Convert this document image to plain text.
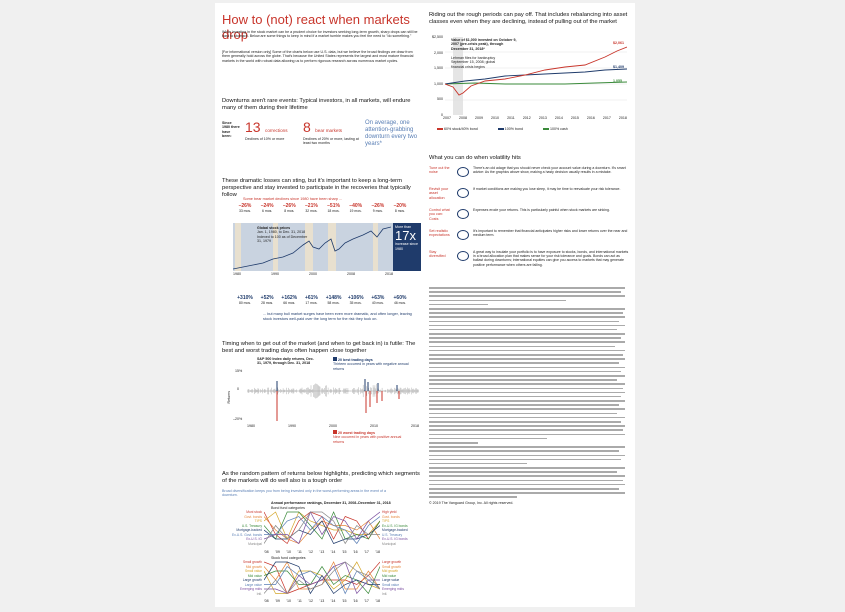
How to (not) react when markets drop
While investing in the stock market can be a prudent choice for investors seeking long-term growth, sharp drops can still be hard to stomach. Below are some things to keep in mind if a market tumble makes you feel the need to "do something."
[For informational version only] Some of the charts below use U.S. data, but we believe the broad findings we draw from them generally hold across the globe. That's because the United States represents the largest and most mature financial markets in the world with robust data allowing us to perform rigorous research across numerous market cycles.
Downturns aren't rare events: Typical investors, in all markets, will endure many of them during their lifetime
Since 1980 there have been:
13 corrections
Declines of 10% or more
8 bear markets
Declines of 20% or more, lasting at least two months
On average, one attention-grabbing downturn every two years*
These dramatic losses can sting, but it's important to keep a long-term perspective and stay invested to participate in the recoveries that typically follow
Some bear market declines since 1980 have been sharp ...
–26%
33 mos.
–24%
6 mos.
–26%
8 mos.
–21%
32 mos.
–51%
18 mos.
–40%
19 mos.
–26%
9 mos.
–20%
8 mos.
Global stock prices
Jan. 1, 1980, to Dec. 31, 2018 Indexed to 100 as of December 31, 1979
More than
17x
increase since 1980
1980	1990	2000	2008	2018
+310%
80 mos.
+52%
28 mos.
+162%
66 mos.
+61%
17 mos.
+148%
58 mos.
+106%
35 mos.
+63%
40 mos.
+60%
46 mos.
... but many bull market surges have been even more dramatic, and often longer, leaving stock investors well-paid over the long term for the risk they took on.
Timing when to get out of the market (and when to get back in) is futile: The best and worst trading days often happen close together
S&P 500 Index daily returns, Dec. 31, 1979, through Dec. 31, 2018
20 best trading days
Thirteen occurred in years with negative annual returns
15%
0
–20%
Returns
1980	1990	2000	2010	2018
20 worst trading days
Nine occurred in years with positive annual returns
As the random pattern of returns below highlights, predicting which segments of the markets will do well also is a tough order
Broad diversification keeps you from being invested only in the worst-performing areas in the event of a downturn.
Annual performance rankings, December 31, 2008–December 31, 2018
Bond fund categories
Muni stock
Govt. bonds
TIPS
U.S. Treasury
Mortgage-backed
Ex-U.S. Govt. bonds
Ex-U.S. IG
Municipal
High yield
Govt. bonds
TIPS
Ex-U.S. IG bonds
Mortgage-backed
U.S. Treasury
Ex-U.S. IG bonds
Municipal
'08 '09 '10 '11 '12 '13 '14 '15 '16 '17 '18
Stock fund categories
Small growth
Mid growth
Small value
Mid value
Large growth
Large value
Emerging mkts
Intl.
Large growth
Small growth
Mid growth
Mid value
Large value
Small value
Emerging mkts
Intl.
'08 '09 '10 '11 '12 '13 '14 '15 '16 '17 '18
Riding out the rough periods can pay off. That includes rebalancing into asset classes even when they are declining, instead of pulling out of the market
$2,500
2,000
1,500
1,000
500
0
Value of $1,000 invested on October 9, 2007 (pre-crisis peak), through December 31, 2018*
Lehman files for bankruptcy September 15, 2008; global financial crisis begins
$2,061
$1,409
1,055
2007 2008 2009 2010 2011 2012 2013 2014 2015 2016 2017 2018
60% stock/40% bond	100% bond	100% cash
What you can do when volatility hits
Tune out the noise
There's an old adage that you should never check your account value during a downturn. It's smart advice: As the graphics above show, making a hasty decision usually results in a mistake.
Revisit your asset allocation
If market conditions are making you lose sleep, it may be time to reevaluate your risk tolerance.
Control what you can: Costs
Expenses erode your returns. This is particularly painful when stock markets are sinking.
Set realistic expectations
It's important to remember that financial anticipates higher risks and lower returns over the near and medium term.
Stay diversified
A great way to insulate your portfolio is to have exposure to stocks, bonds, and international markets in a broad allocation plan that makes sense for your risk tolerance and goals. Bonds can act as ballast during downturns; international equities can give you access to markets that may generate positive performance when others are falling.
© 2019 The Vanguard Group, Inc. All rights reserved.
